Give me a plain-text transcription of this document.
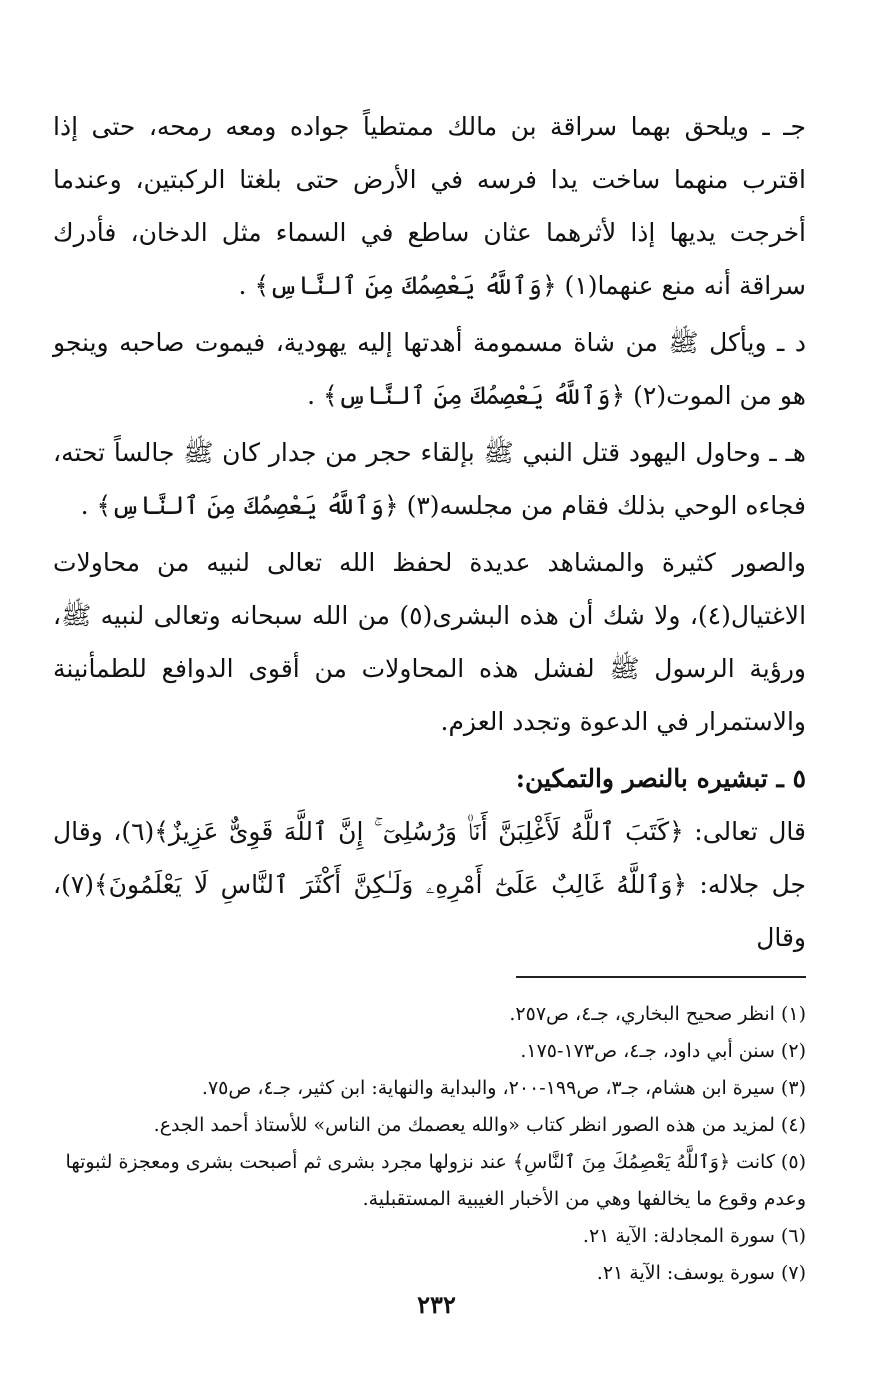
جـ ـ ويلحق بهما سراقة بن مالك ممتطياً جواده ومعه رمحه، حتى إذا اقترب منهما ساخت يدا فرسه في الأرض حتى بلغتا الركبتين، وعندما أخرجت يديها إذا لأثرهما عثان ساطع في السماء مثل الدخان، فأدرك سراقة أنه منع عنهما(١) ﴿وَٱللَّهُ يَعْصِمُكَ مِنَ ٱلنَّاسِ﴾ .

د ـ ويأكل ﷺ من شاة مسمومة أهدتها إليه يهودية، فيموت صاحبه وينجو هو من الموت(٢) ﴿وَٱللَّهُ يَعْصِمُكَ مِنَ ٱلنَّاسِ﴾ .

هـ ـ وحاول اليهود قتل النبي ﷺ بإلقاء حجر من جدار كان ﷺ جالساً تحته، فجاءه الوحي بذلك فقام من مجلسه(٣) ﴿وَٱللَّهُ يَعْصِمُكَ مِنَ ٱلنَّاسِ﴾ .

والصور كثيرة والمشاهد عديدة لحفظ الله تعالى لنبيه من محاولات الاغتيال(٤)، ولا شك أن هذه البشرى(٥) من الله سبحانه وتعالى لنبيه ﷺ، ورؤية الرسول ﷺ لفشل هذه المحاولات من أقوى الدوافع للطمأنينة والاستمرار في الدعوة وتجدد العزم.

٥ ـ تبشيره بالنصر والتمكين:

قال تعالى: ﴿كَتَبَ ٱللَّهُ لَأَغْلِبَنَّ أَنَا۠ وَرُسُلِىٓ ۚ إِنَّ ٱللَّهَ قَوِىٌّ عَزِيزٌ﴾(٦)، وقال جل جلاله: ﴿وَٱللَّهُ غَالِبٌ عَلَىٰٓ أَمْرِهِۦ وَلَـٰكِنَّ أَكْثَرَ ٱلنَّاسِ لَا يَعْلَمُونَ﴾(٧)، وقال

(١) انظر صحيح البخاري، جـ٤، ص٢٥٧.

(٢) سنن أبي داود، جـ٤، ص١٧٣-١٧٥.

(٣) سيرة ابن هشام، جـ٣، ص١٩٩-٢٠٠، والبداية والنهاية: ابن كثير، جـ٤، ص٧٥.

(٤) لمزيد من هذه الصور انظر كتاب «والله يعصمك من الناس» للأستاذ أحمد الجدع.

(٥) كانت ﴿وَٱللَّهُ يَعْصِمُكَ مِنَ ٱلنَّاسِ﴾ عند نزولها مجرد بشرى ثم أصبحت بشرى ومعجزة لثبوتها وعدم وقوع ما يخالفها وهي من الأخبار الغيبية المستقبلية.

(٦) سورة المجادلة: الآية ٢١.

(٧) سورة يوسف: الآية ٢١.

٢٣٢
